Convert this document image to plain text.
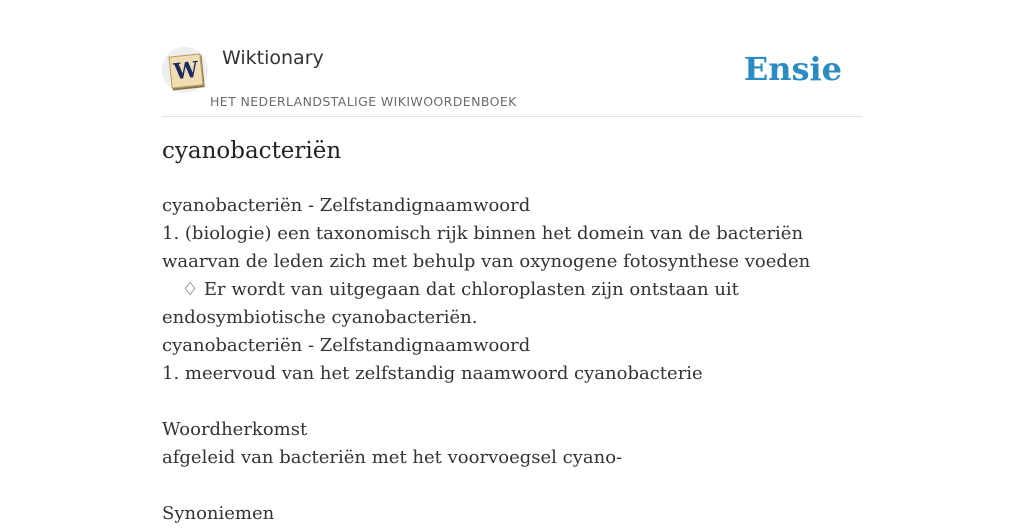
W Wiktionary
HET NEDERLANDSTALIGE WIKIWOORDENBOEK
Ensie
cyanobacteriën
cyanobacteriën - Zelfstandignaamwoord
1. (biologie) een taxonomisch rijk binnen het domein van de bacteriën waarvan de leden zich met behulp van oxynogene fotosynthese voeden
♢ Er wordt van uitgegaan dat chloroplasten zijn ontstaan uit
endosymbiotische cyanobacteriën.
cyanobacteriën - Zelfstandignaamwoord
1. meervoud van het zelfstandig naamwoord cyanobacterie
Woordherkomst
afgeleid van bacteriën met het voorvoegsel cyano-
Synoniemen
